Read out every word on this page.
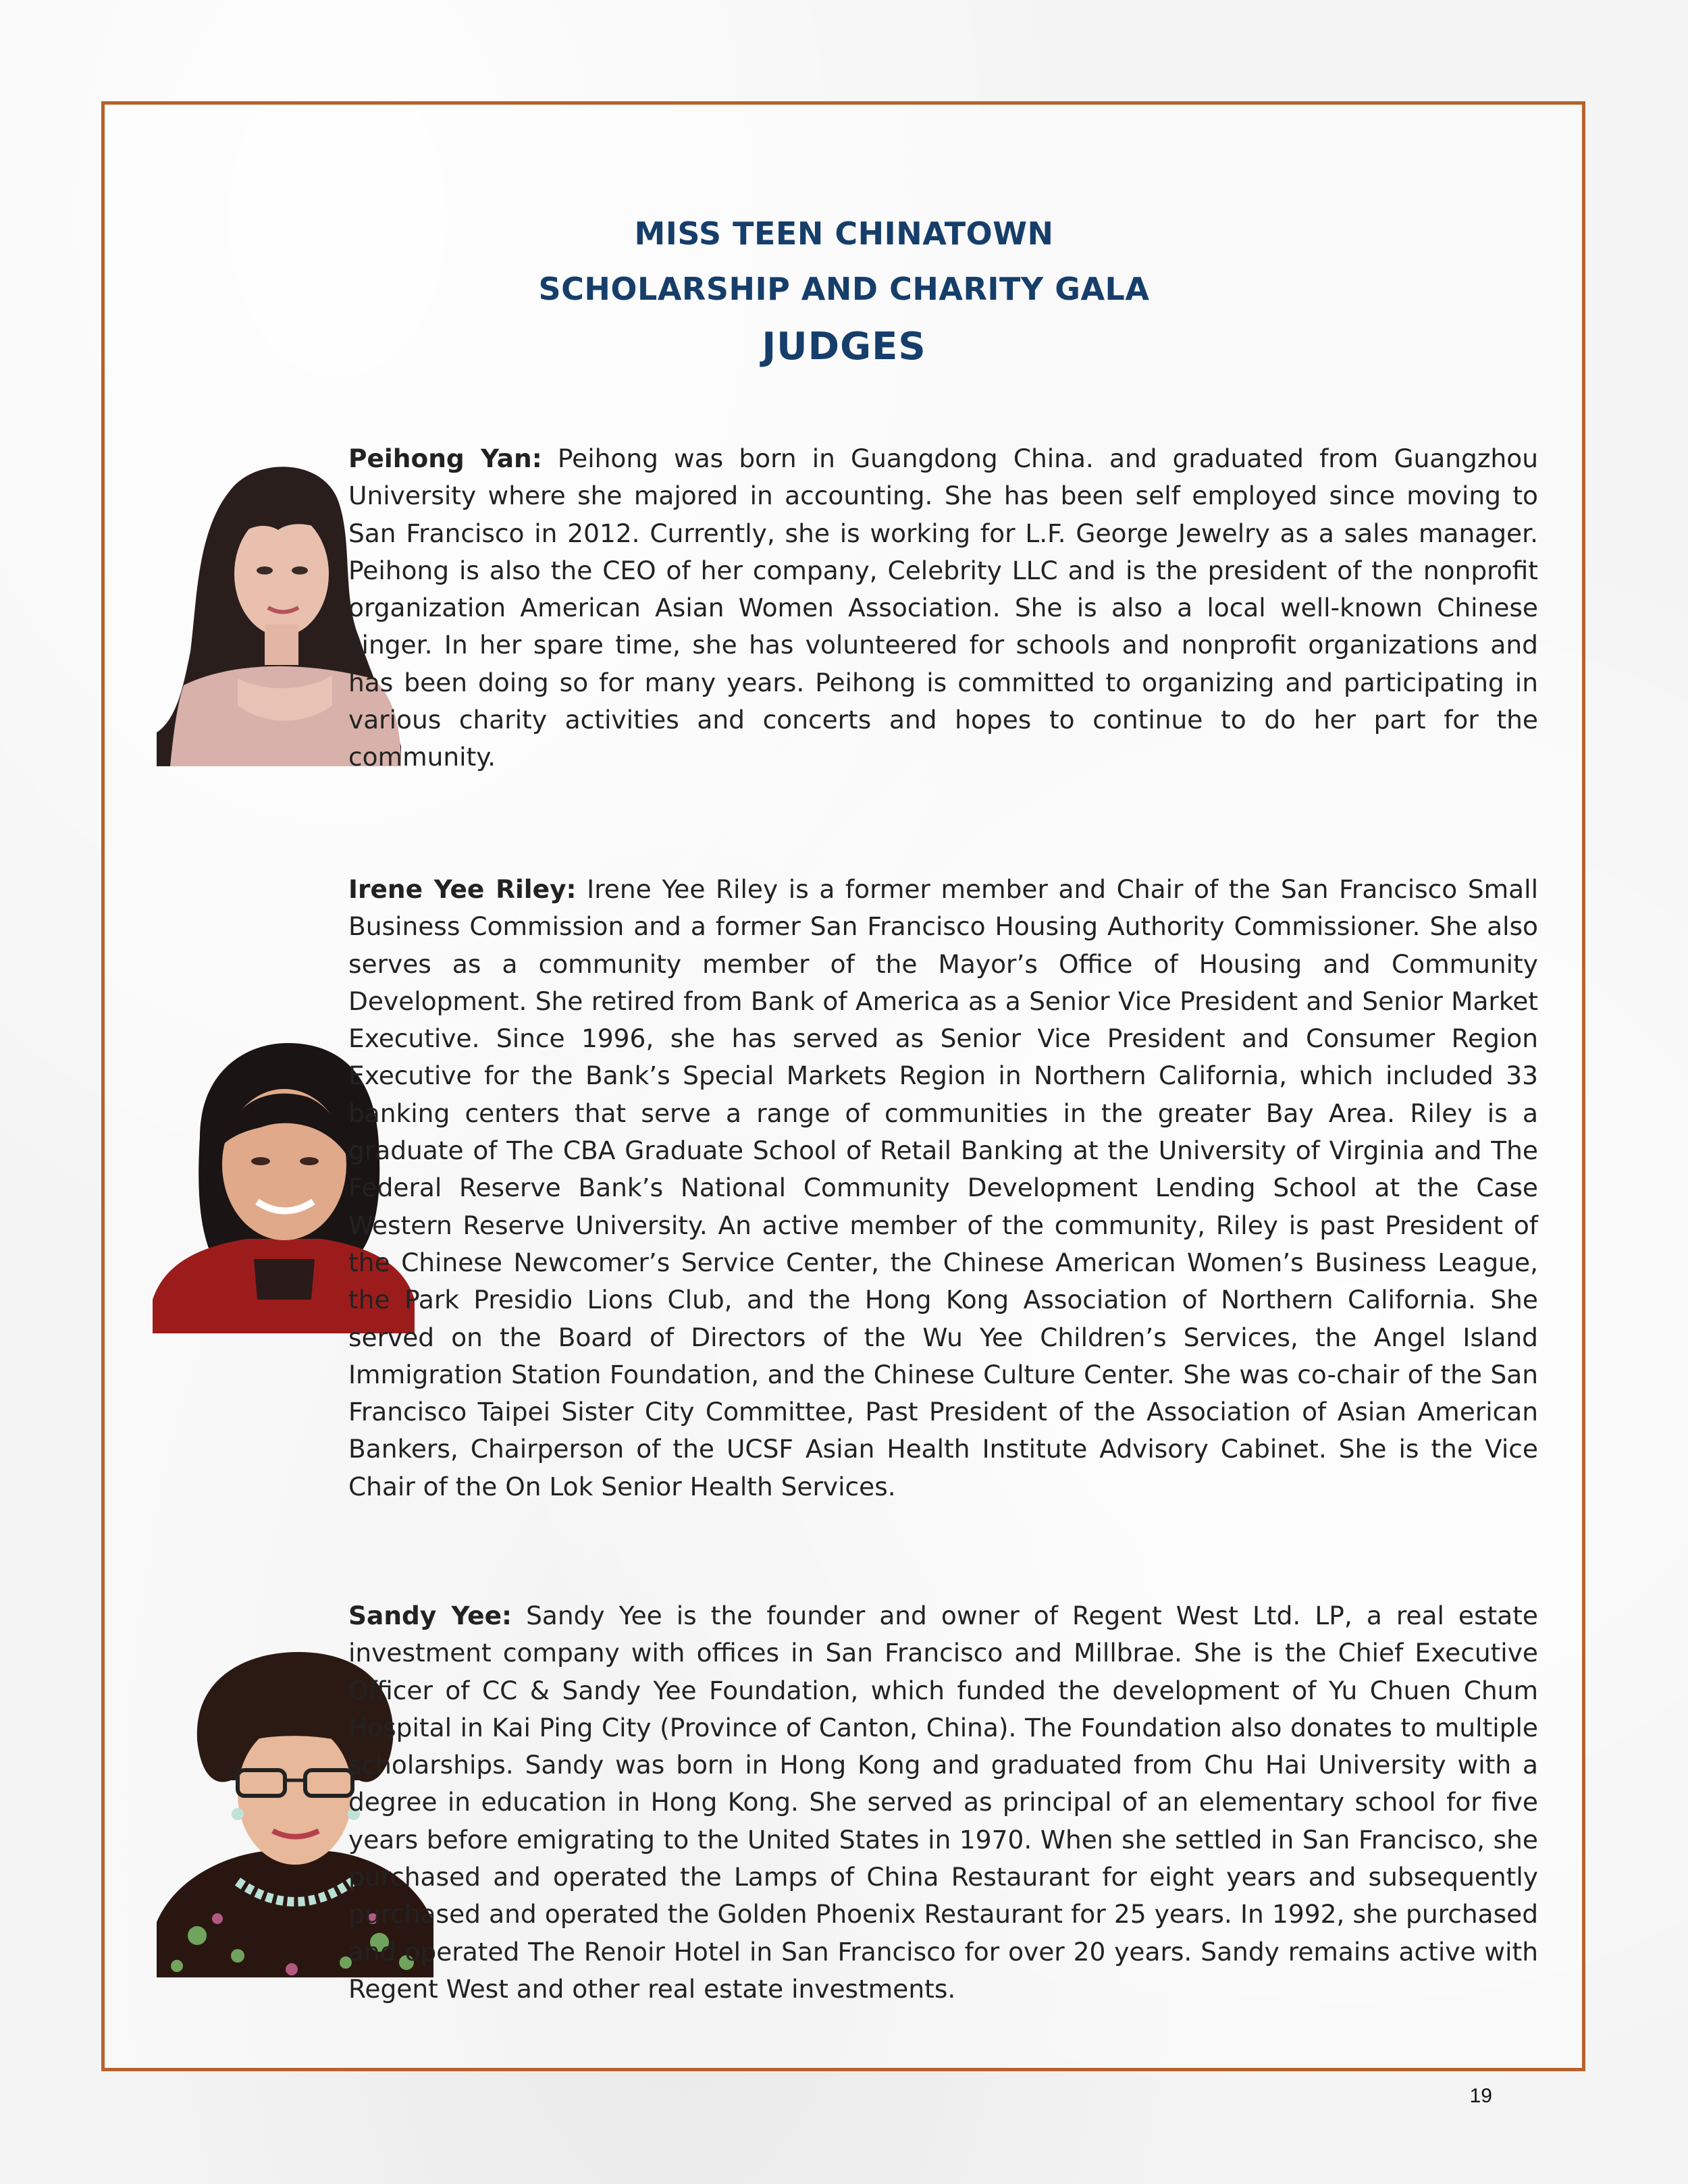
MISS TEEN CHINATOWN
SCHOLARSHIP AND CHARITY GALA
JUDGES
Peihong Yan: Peihong was born in Guangdong China. and graduated from Guangzhou University where she majored in accounting. She has been self employed since moving to San Francisco in 2012. Currently, she is working for L.F. George Jewelry as a sales manager. Peihong is also the CEO of her company, Celebrity LLC and is the president of the nonprofit organization American Asian Women Association. She is also a local well-known Chinese singer. In her spare time, she has volunteered for schools and nonprofit organizations and has been doing so for many years. Peihong is committed to organizing and participating in various charity activities and concerts and hopes to continue to do her part for the community.
Irene Yee Riley: Irene Yee Riley is a former member and Chair of the San Francisco Small Business Commission and a former San Francisco Housing Authority Commissioner. She also serves as a community member of the Mayor’s Office of Housing and Community Development. She retired from Bank of America as a Senior Vice President and Senior Market Executive. Since 1996, she has served as Senior Vice President and Consumer Region Executive for the Bank’s Special Markets Region in Northern California, which included 33 banking centers that serve a range of communities in the greater Bay Area. Riley is a graduate of The CBA Graduate School of Retail Banking at the University of Virginia and The Federal Reserve Bank’s National Community Development Lending School at the Case Western Reserve University. An active member of the community, Riley is past President of the Chinese Newcomer’s Service Center, the Chinese American Women’s Business League, the Park Presidio Lions Club, and the Hong Kong Association of Northern California. She served on the Board of Directors of the Wu Yee Children’s Services, the Angel Island Immigration Station Foundation, and the Chinese Culture Center. She was co-chair of the San Francisco Taipei Sister City Committee, Past President of the Association of Asian American Bankers, Chairperson of the UCSF Asian Health Institute Advisory Cabinet. She is the Vice Chair of the On Lok Senior Health Services.
Sandy Yee: Sandy Yee is the founder and owner of Regent West Ltd. LP, a real estate investment company with offices in San Francisco and Millbrae. She is the Chief Executive Officer of CC & Sandy Yee Foundation, which funded the development of Yu Chuen Chum Hospital in Kai Ping City (Province of Canton, China). The Foundation also donates to multiple scholarships. Sandy was born in Hong Kong and graduated from Chu Hai University with a degree in education in Hong Kong. She served as principal of an elementary school for five years before emigrating to the United States in 1970. When she settled in San Francisco, she purchased and operated the Lamps of China Restaurant for eight years and subsequently purchased and operated the Golden Phoenix Restaurant for 25 years. In 1992, she purchased and operated The Renoir Hotel in San Francisco for over 20 years. Sandy remains active with Regent West and other real estate investments.
19
